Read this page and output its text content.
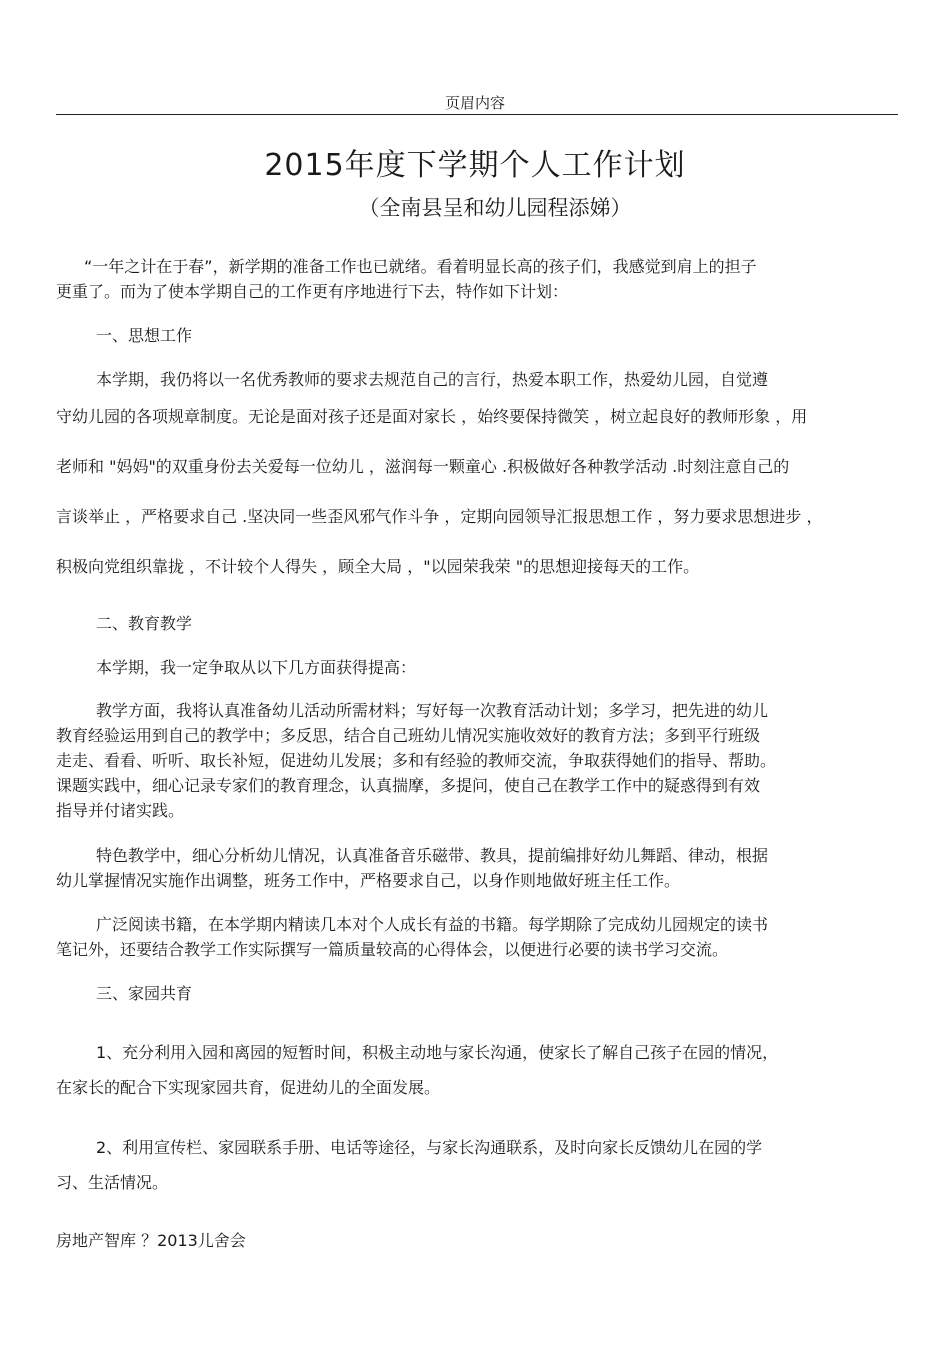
页眉内容
2015年度下学期个人工作计划
（全南县呈和幼儿园程添娣）
“一年之计在于春”，新学期的准备工作也已就绪。看着明显长高的孩子们，我感觉到肩上的担子
更重了。而为了使本学期自己的工作更有序地进行下去，特作如下计划：
一、思想工作
本学期，我仍将以一名优秀教师的要求去规范自己的言行，热爱本职工作，热爱幼儿园，自觉遵
守幼儿园的各项规章制度。无论是面对孩子还是面对家长 ，始终要保持微笑 ，树立起良好的教师形象 ，用
老师和 "妈妈"的双重身份去关爱每一位幼儿 ，滋润每一颗童心 .积极做好各种教学活动 .时刻注意自己的
言谈举止 ，严格要求自己 .坚决同一些歪风邪气作斗争 ，定期向园领导汇报思想工作 ，努力要求思想进步 ，
积极向党组织靠拢 ，不计较个人得失 ，顾全大局 ，"以园荣我荣 "的思想迎接每天的工作。
二、教育教学
本学期，我一定争取从以下几方面获得提高：
教学方面，我将认真准备幼儿活动所需材料；写好每一次教育活动计划；多学习，把先进的幼儿
教育经验运用到自己的教学中；多反思，结合自己班幼儿情况实施收效好的教育方法；多到平行班级
走走、看看、听听、取长补短，促进幼儿发展；多和有经验的教师交流，争取获得她们的指导、帮助。
课题实践中，细心记录专家们的教育理念，认真揣摩，多提问，使自己在教学工作中的疑惑得到有效
指导并付诸实践。
特色教学中，细心分析幼儿情况，认真准备音乐磁带、教具，提前编排好幼儿舞蹈、律动，根据
幼儿掌握情况实施作出调整，班务工作中，严格要求自己，以身作则地做好班主任工作。
广泛阅读书籍，在本学期内精读几本对个人成长有益的书籍。每学期除了完成幼儿园规定的读书
笔记外，还要结合教学工作实际撰写一篇质量较高的心得体会，以便进行必要的读书学习交流。
三、家园共育
1、充分利用入园和离园的短暂时间，积极主动地与家长沟通，使家长了解自己孩子在园的情况，
在家长的配合下实现家园共育，促进幼儿的全面发展。
2、利用宣传栏、家园联系手册、电话等途径，与家长沟通联系，及时向家长反馈幼儿在园的学
习、生活情况。
房地产智库 ？2013儿舍会
